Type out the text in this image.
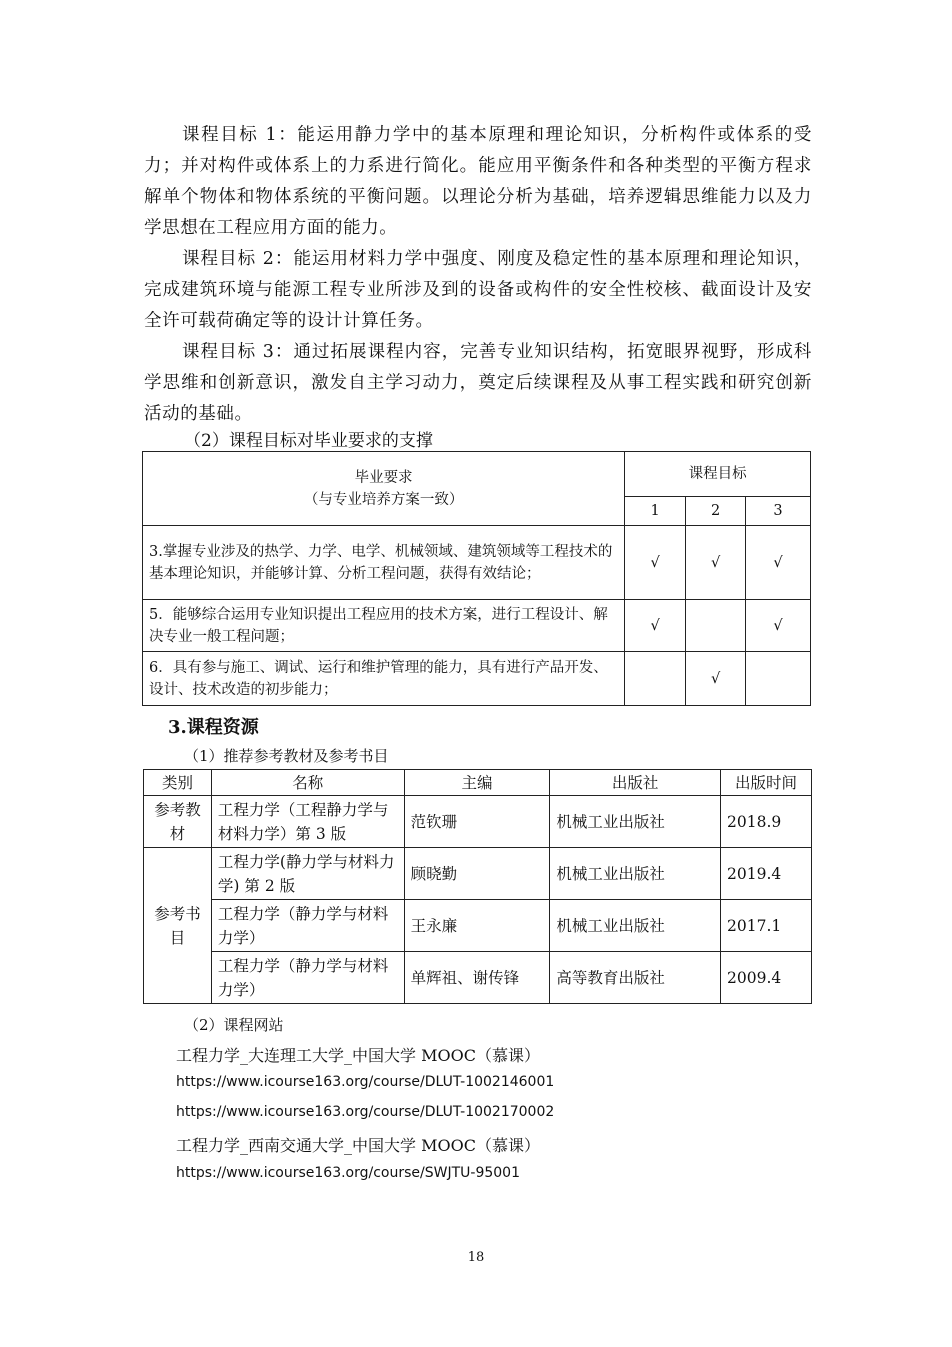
课程目标 1：能运用静力学中的基本原理和理论知识，分析构件或体系的受力；并对构件或体系上的力系进行简化。能应用平衡条件和各种类型的平衡方程求解单个物体和物体系统的平衡问题。以理论分析为基础，培养逻辑思维能力以及力学思想在工程应用方面的能力。
课程目标 2：能运用材料力学中强度、刚度及稳定性的基本原理和理论知识，完成建筑环境与能源工程专业所涉及到的设备或构件的安全性校核、截面设计及安全许可载荷确定等的设计计算任务。
课程目标 3：通过拓展课程内容，完善专业知识结构，拓宽眼界视野，形成科学思维和创新意识，激发自主学习动力，奠定后续课程及从事工程实践和研究创新活动的基础。
（2）课程目标对毕业要求的支撑
毕业要求
（与专业培养方案一致）	课程目标		
	1	2	3
3.掌握专业涉及的热学、力学、电学、机械领域、建筑领域等工程技术的基本理论知识，并能够计算、分析工程问题，获得有效结论；	√	√	√
5．能够综合运用专业知识提出工程应用的技术方案，进行工程设计、解决专业一般工程问题；	√		√
6．具有参与施工、调试、运行和维护管理的能力，具有进行产品开发、设计、技术改造的初步能力；		√	
3.课程资源
（1）推荐参考教材及参考书目
类别	名称	主编	出版社	出版时间
参考教材	工程力学（工程静力学与材料力学）第 3 版	范钦珊	机械工业出版社	2018.9
参考书目	工程力学(静力学与材料力学) 第 2 版	顾晓勤	机械工业出版社	2019.4
	工程力学（静力学与材料力学）	王永廉	机械工业出版社	2017.1
	工程力学（静力学与材料力学）	单辉祖、谢传锋	高等教育出版社	2009.4
（2）课程网站
工程力学_大连理工大学_中国大学 MOOC（慕课）
https://www.icourse163.org/course/DLUT-1002146001
https://www.icourse163.org/course/DLUT-1002170002
工程力学_西南交通大学_中国大学 MOOC（慕课）
https://www.icourse163.org/course/SWJTU-95001
18
